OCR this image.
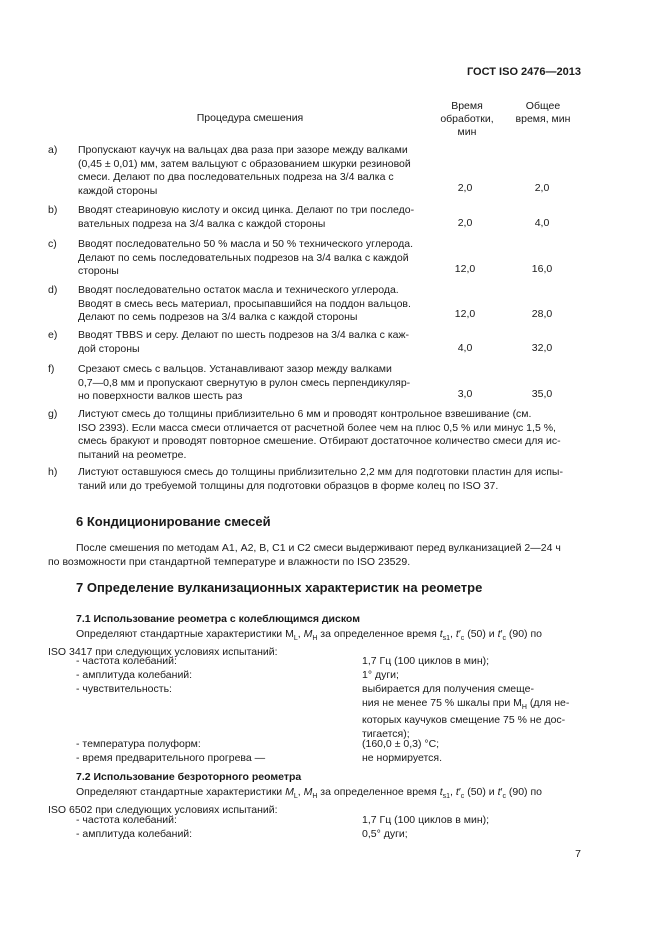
ГОСТ ISO 2476—2013
Процедура смешения
Время
обработки,
мин
Общее
время, мин
a) Пропускают каучук на вальцах два раза при зазоре между валками
(0,45 ± 0,01) мм, затем вальцуют с образованием шкурки резиновой
смеси. Делают по два последовательных подреза на 3/4 валка с
каждой стороны	2,0	2,0
b) Вводят стеариновую кислоту и оксид цинка. Делают по три последо-
вательных подреза на 3/4 валка с каждой стороны	2,0	4,0
c) Вводят последовательно 50 % масла и 50 % технического углерода.
Делают по семь последовательных подрезов на 3/4 валка с каждой
стороны	12,0	16,0
d) Вводят последовательно остаток масла и технического углерода.
Вводят в смесь весь материал, просыпавшийся на поддон вальцов.
Делают по семь подрезов на 3/4 валка с каждой стороны	12,0	28,0
e) Вводят TBBS и серу. Делают по шесть подрезов на 3/4 валка с каж-
дой стороны	4,0	32,0
f) Срезают смесь с вальцов. Устанавливают зазор между валками
0,7—0,8 мм и пропускают свернутую в рулон смесь перпендикуляр-
но поверхности валков шесть раз	3,0	35,0
g) Листуют смесь до толщины приблизительно 6 мм и проводят контрольное взвешивание (см.
ISO 2393). Если масса смеси отличается от расчетной более чем на плюс 0,5 % или минус 1,5 %,
смесь бракуют и проводят повторное смешение. Отбирают достаточное количество смеси для ис-
пытаний на реометре.
h) Листуют оставшуюся смесь до толщины приблизительно 2,2 мм для подготовки пластин для испы-
таний или до требуемой толщины для подготовки образцов в форме колец по ISO 37.
6 Кондиционирование смесей
После смешения по методам А1, А2, В, С1 и С2 смеси выдерживают перед вулканизацией 2—24 ч
по возможности при стандартной температуре и влажности по ISO 23529.
7 Определение вулканизационных характеристик на реометре
7.1 Использование реометра с колеблющимся диском
Определяют стандартные характеристики $M_L$, $M_H$ за определенное время $t_{s1}$, $t'_c$ (50) и $t'_c$ (90) по
ISO 3417 при следующих условиях испытаний:
- частота колебаний:	1,7 Гц (100 циклов в мин);
- амплитуда колебаний:	1° дуги;
- чувствительность:	выбирается для получения смеще-
ния не менее 75 % шкалы при $M_H$ (для не-
которых каучуков смещение 75 % не дос-
тигается);
- температура полуформ:	(160,0 ± 0,3) °С;
- время предварительного прогрева —	не нормируется.
7.2 Использование безроторного реометра
Определяют стандартные характеристики $M_L$, $M_H$ за определенное время $t_{s1}$, $t'_c$ (50) и $t'_c$ (90) по
ISO 6502 при следующих условиях испытаний:
- частота колебаний:	1,7 Гц (100 циклов в мин);
- амплитуда колебаний:	0,5° дуги;
7
